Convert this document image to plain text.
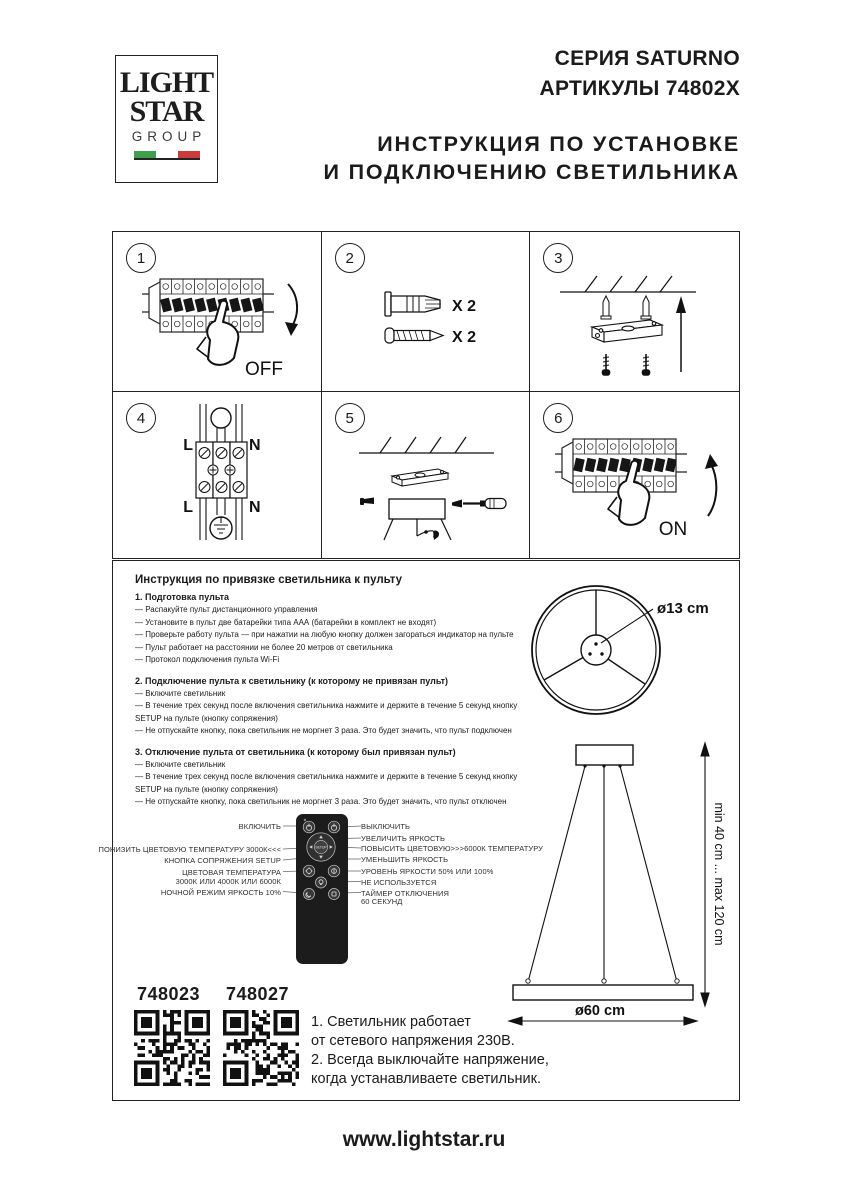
LIGHT
STAR
GROUP
СЕРИЯ SATURNO
АРТИКУЛЫ 74802X
ИНСТРУКЦИЯ ПО УСТАНОВКЕ
И ПОДКЛЮЧЕНИЮ СВЕТИЛЬНИКА
1
OFF
2
X 2
X 2
3
4
L	N
L	N
5	6
ON
Инструкция по привязке светильника к пульту
1. Подготовка пульта
— Распакуйте пульт дистанционного управления
— Установите в пульт две батарейки типа ААА (батарейки в комплект не входят)
— Проверьте работу пульта — при нажатии на любую кнопку должен загораться индикатор на пульте
— Пульт работает на расстоянии не более 20 метров от светильника
— Протокол подключения пульта Wi-Fi
2. Подключение пульта к светильнику (к которому не привязан пульт)
— Включите светильник
— В течение трех секунд после включения светильника нажмите и держите в течение 5 секунд кнопку SETUP на пульте (кнопку сопряжения)
— Не отпускайте кнопку, пока светильник не моргнет 3 раза. Это будет значить, что пульт подключен
3. Отключение пульта от светильника (к которому был привязан пульт)
— Включите светильник
— В течение трех секунд после включения светильника нажмите и держите в течение 5 секунд кнопку SETUP на пульте (кнопку сопряжения)
— Не отпускайте кнопку, пока светильник не моргнет 3 раза. Это будет значить, что пульт отключен
ø13 cm
SETUP
ВКЛЮЧИТЬ
ПОНИЗИТЬ ЦВЕТОВУЮ ТЕМПЕРАТУРУ 3000К<<<
КНОПКА СОПРЯЖЕНИЯ SETUP
ЦВЕТОВАЯ ТЕМПЕРАТУРА
3000К ИЛИ 4000К ИЛИ 6000К
НОЧНОЙ РЕЖИМ ЯРКОСТЬ 10%
ВЫКЛЮЧИТЬ
УВЕЛИЧИТЬ ЯРКОСТЬ
ПОВЫСИТЬ ЦВЕТОВУЮ>>>6000К ТЕМПЕРАТУРУ
УМЕНЬШИТЬ ЯРКОСТЬ
УРОВЕНЬ ЯРКОСТИ 50% ИЛИ 100%
НЕ ИСПОЛЬЗУЕТСЯ
ТАЙМЕР ОТКЛЮЧЕНИЯ
60 СЕКУНД
748023 748027
1. Светильник работает
от сетевого напряжения 230В.
2. Всегда выключайте напряжение,
когда устанавливаете светильник.
min 40 cm ... max 120 cm
ø60 cm
www.lightstar.ru
